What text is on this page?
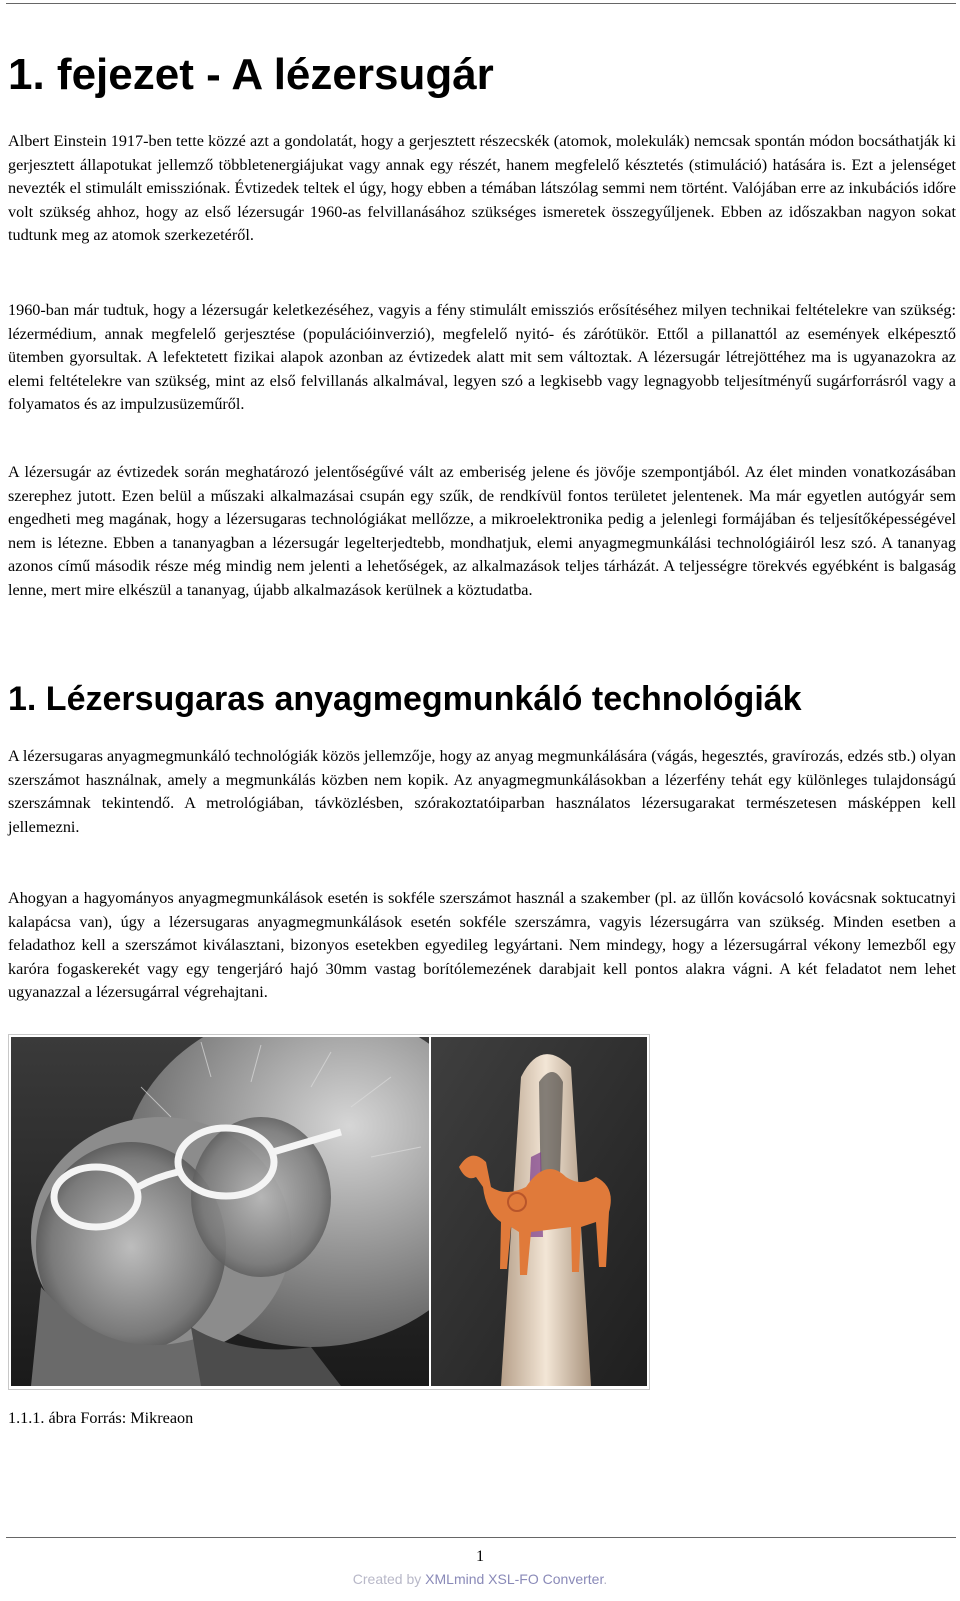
1. fejezet - A lézersugár

Albert Einstein 1917-ben tette közzé azt a gondolatát, hogy a gerjesztett részecskék (atomok, molekulák) nemcsak spontán módon bocsáthatják ki gerjesztett állapotukat jellemző többletenergiájukat vagy annak egy részét, hanem megfelelő késztetés (stimuláció) hatására is. Ezt a jelenséget nevezték el stimulált emissziónak. Évtizedek teltek el úgy, hogy ebben a témában látszólag semmi nem történt. Valójában erre az inkubációs időre volt szükség ahhoz, hogy az első lézersugár 1960-as felvillanásához szükséges ismeretek összegyűljenek. Ebben az időszakban nagyon sokat tudtunk meg az atomok szerkezetéről.

1960-ban már tudtuk, hogy a lézersugár keletkezéséhez, vagyis a fény stimulált emissziós erősítéséhez milyen technikai feltételekre van szükség: lézermédium, annak megfelelő gerjesztése (populációinverzió), megfelelő nyitó- és zárótükör. Ettől a pillanattól az események elképesztő ütemben gyorsultak. A lefektetett fizikai alapok azonban az évtizedek alatt mit sem változtak. A lézersugár létrejöttéhez ma is ugyanazokra az elemi feltételekre van szükség, mint az első felvillanás alkalmával, legyen szó a legkisebb vagy legnagyobb teljesítményű sugárforrásról vagy a folyamatos és az impulzusüzeműről.

A lézersugár az évtizedek során meghatározó jelentőségűvé vált az emberiség jelene és jövője szempontjából. Az élet minden vonatkozásában szerephez jutott. Ezen belül a műszaki alkalmazásai csupán egy szűk, de rendkívül fontos területet jelentenek. Ma már egyetlen autógyár sem engedheti meg magának, hogy a lézersugaras technológiákat mellőzze, a mikroelektronika pedig a jelenlegi formájában és teljesítőképességével nem is létezne. Ebben a tananyagban a lézersugár legelterjedtebb, mondhatjuk, elemi anyagmegmunkálási technológiáiról lesz szó. A tananyag azonos című második része még mindig nem jelenti a lehetőségek, az alkalmazások teljes tárházát. A teljességre törekvés egyébként is balgaság lenne, mert mire elkészül a tananyag, újabb alkalmazások kerülnek a köztudatba.

1. Lézersugaras anyagmegmunkáló technológiák

A lézersugaras anyagmegmunkáló technológiák közös jellemzője, hogy az anyag megmunkálására (vágás, hegesztés, gravírozás, edzés stb.) olyan szerszámot használnak, amely a megmunkálás közben nem kopik. Az anyagmegmunkálásokban a lézerfény tehát egy különleges tulajdonságú szerszámnak tekintendő. A metrológiában, távközlésben, szórakoztatóiparban használatos lézersugarakat természetesen másképpen kell jellemezni.

Ahogyan a hagyományos anyagmegmunkálások esetén is sokféle szerszámot használ a szakember (pl. az üllőn kovácsoló kovácsnak soktucatnyi kalapácsa van), úgy a lézersugaras anyagmegmunkálások esetén sokféle szerszámra, vagyis lézersugárra van szükség. Minden esetben a feladathoz kell a szerszámot kiválasztani, bizonyos esetekben egyedileg legyártani. Nem mindegy, hogy a lézersugárral vékony lemezből egy karóra fogaskerekét vagy egy tengerjáró hajó 30mm vastag borítólemezének darabjait kell pontos alakra vágni. A két feladatot nem lehet ugyanazzal a lézersugárral végrehajtani.

1.1.1. ábra Forrás: Mikreaon

1
Created by XMLmind XSL-FO Converter.
